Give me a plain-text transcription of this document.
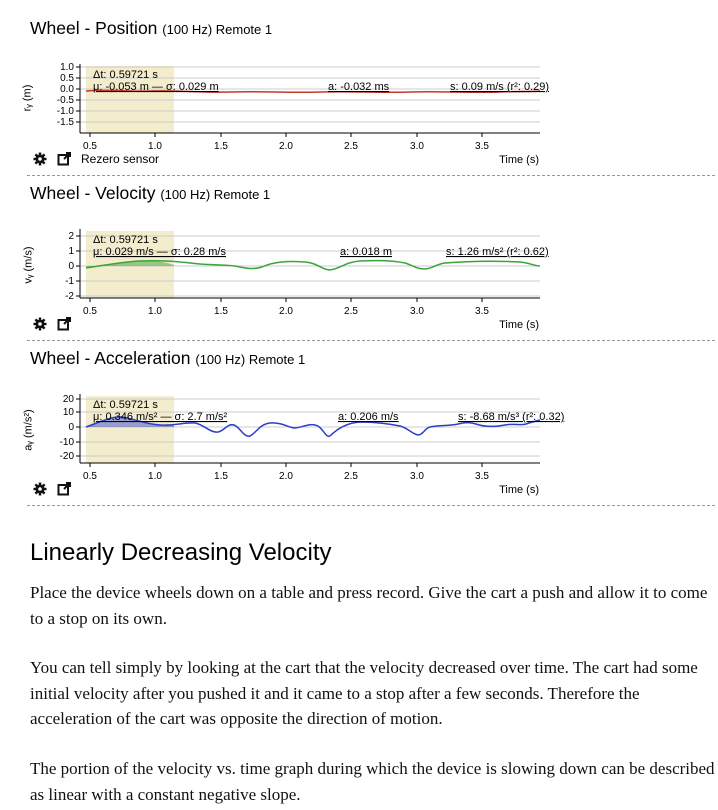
Wheel - Position (100 Hz) Remote 1
rᵧ (m)
1.0
0.5
0.0
-0.5
-1.0
-1.5
0.5	1.0	1.5	2.0	2.5	3.0	3.5
Δt: 0.59721 s
μ: -0.053 m — σ: 0.029 m	a: -0.032 ms	s: 0.09 m/s (r²: 0.29)
Time (s)
Rezero sensor
Wheel - Velocity (100 Hz) Remote 1
vᵧ (m/s)
2
1
0
-1
-2
0.5	1.0	1.5	2.0	2.5	3.0	3.5
Δt: 0.59721 s
μ: 0.029 m/s — σ: 0.28 m/s	a: 0.018 m	s: 1.26 m/s² (r²: 0.62)
Time (s)
Wheel - Acceleration (100 Hz) Remote 1
aᵧ (m/s²)
20
10
0
-10
-20
0.5	1.0	1.5	2.0	2.5	3.0	3.5
Δt: 0.59721 s
μ: 0.346 m/s² — σ: 2.7 m/s²	a: 0.206 m/s	s: -8.68 m/s³ (r²: 0.32)
Time (s)
Linearly Decreasing Velocity

Place the device wheels down on a table and press record. Give the cart a push and allow it to come to a stop on its own.

You can tell simply by looking at the cart that the velocity decreased over time. The cart had some initial velocity after you pushed it and it came to a stop after a few seconds. Therefore the acceleration of the cart was opposite the direction of motion.

The portion of the velocity vs. time graph during which the device is slowing down can be described as linear with a constant negative slope.
